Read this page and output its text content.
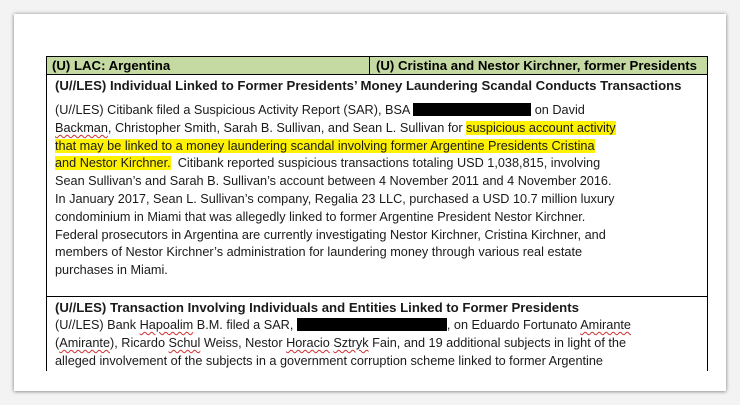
(U) LAC: Argentina	(U) Cristina and Nestor Kirchner, former Presidents
(U//LES) Individual Linked to Former Presidents’ Money Laundering Scandal Conducts Transactions
(U//LES) Citibank filed a Suspicious Activity Report (SAR), BSA	on David
Backman, Christopher Smith, Sarah B. Sullivan, and Sean L. Sullivan for suspicious account activity
that may be linked to a money laundering scandal involving former Argentine Presidents Cristina
and Nestor Kirchner.  Citibank reported suspicious transactions totaling USD 1,038,815, involving
Sean Sullivan’s and Sarah B. Sullivan’s account between 4 November 2011 and 4 November 2016.
In January 2017, Sean L. Sullivan’s company, Regalia 23 LLC, purchased a USD 10.7 million luxury
condominium in Miami that was allegedly linked to former Argentine President Nestor Kirchner.
Federal prosecutors in Argentina are currently investigating Nestor Kirchner, Cristina Kirchner, and
members of Nestor Kirchner’s administration for laundering money through various real estate
purchases in Miami.
(U//LES) Transaction Involving Individuals and Entities Linked to Former Presidents
(U//LES) Bank Hapoalim B.M. filed a SAR,	, on Eduardo Fortunato Amirante
(Amirante), Ricardo Schul Weiss, Nestor Horacio Sztryk Fain, and 19 additional subjects in light of the
alleged involvement of the subjects in a government corruption scheme linked to former Argentine
